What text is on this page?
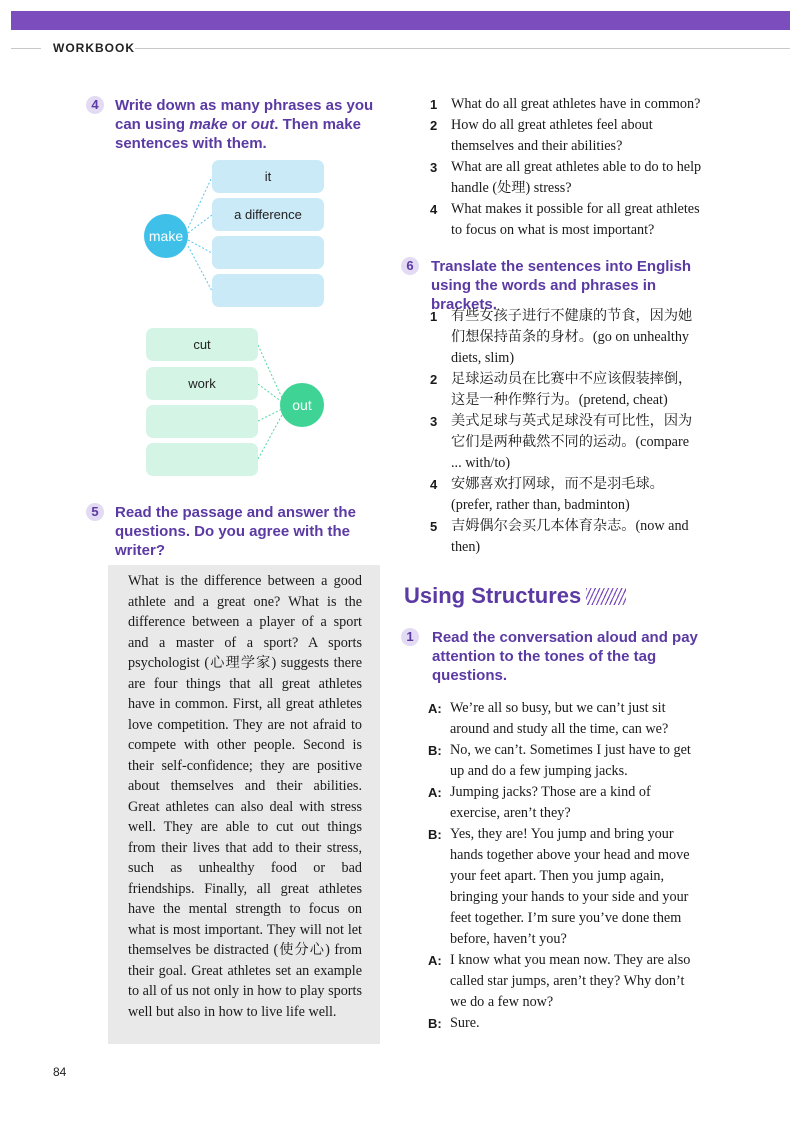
WORKBOOK
4	Write down as many phrases as you can using make or out. Then make sentences with them.
make
it
a difference
cut
work
out
5	Read the passage and answer the questions. Do you agree with the writer?
What is the difference between a good athlete and a great one? What is the difference between a player of a sport and a master of a sport? A sports psychologist (心理学家) suggests there are four things that all great athletes have in common. First, all great athletes love competition. They are not afraid to compete with other people. Second is their self-confidence; they are positive about themselves and their abilities. Great athletes can also deal with stress well. They are able to cut out things from their lives that add to their stress, such as unhealthy food or bad friendships. Finally, all great athletes have the mental strength to focus on what is most important. They will not let themselves be distracted (使分心) from their goal. Great athletes set an example to all of us not only in how to play sports well but also in how to live life well.
1 What do all great athletes have in common?
2 How do all great athletes feel about themselves and their abilities?
3 What are all great athletes able to do to help handle (处理) stress?
4 What makes it possible for all great athletes to focus on what is most important?
6	Translate the sentences into English using the words and phrases in brackets.
1 有些女孩子进行不健康的节食，因为她们想保持苗条的身材。(go on unhealthy diets, slim)
2 足球运动员在比赛中不应该假装摔倒，这是一种作弊行为。(pretend, cheat)
3 美式足球与英式足球没有可比性，因为它们是两种截然不同的运动。(compare ... with/to)
4 安娜喜欢打网球，而不是羽毛球。(prefer, rather than, badminton)
5 吉姆偶尔会买几本体育杂志。(now and then)
Using Structures
1	Read the conversation aloud and pay attention to the tones of the tag questions.
A: We’re all so busy, but we can’t just sit around and study all the time, can we?
B: No, we can’t. Sometimes I just have to get up and do a few jumping jacks.
A: Jumping jacks? Those are a kind of exercise, aren’t they?
B: Yes, they are! You jump and bring your hands together above your head and move your feet apart. Then you jump again, bringing your hands to your side and your feet together. I’m sure you’ve done them before, haven’t you?
A: I know what you mean now. They are also called star jumps, aren’t they? Why don’t we do a few now?
B: Sure.
84
